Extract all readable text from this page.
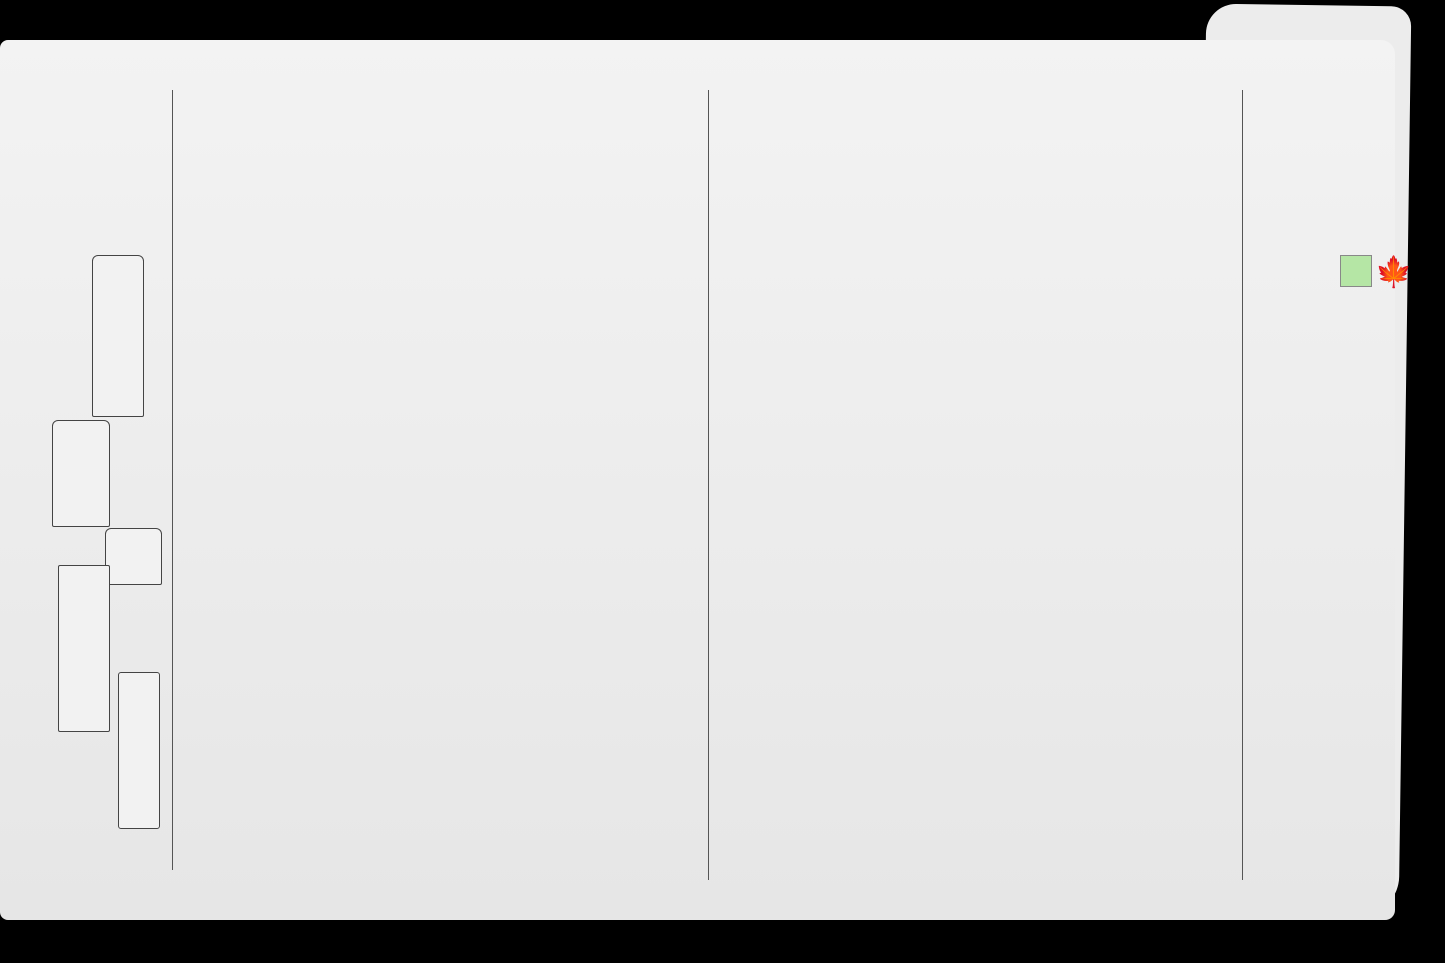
🍁
